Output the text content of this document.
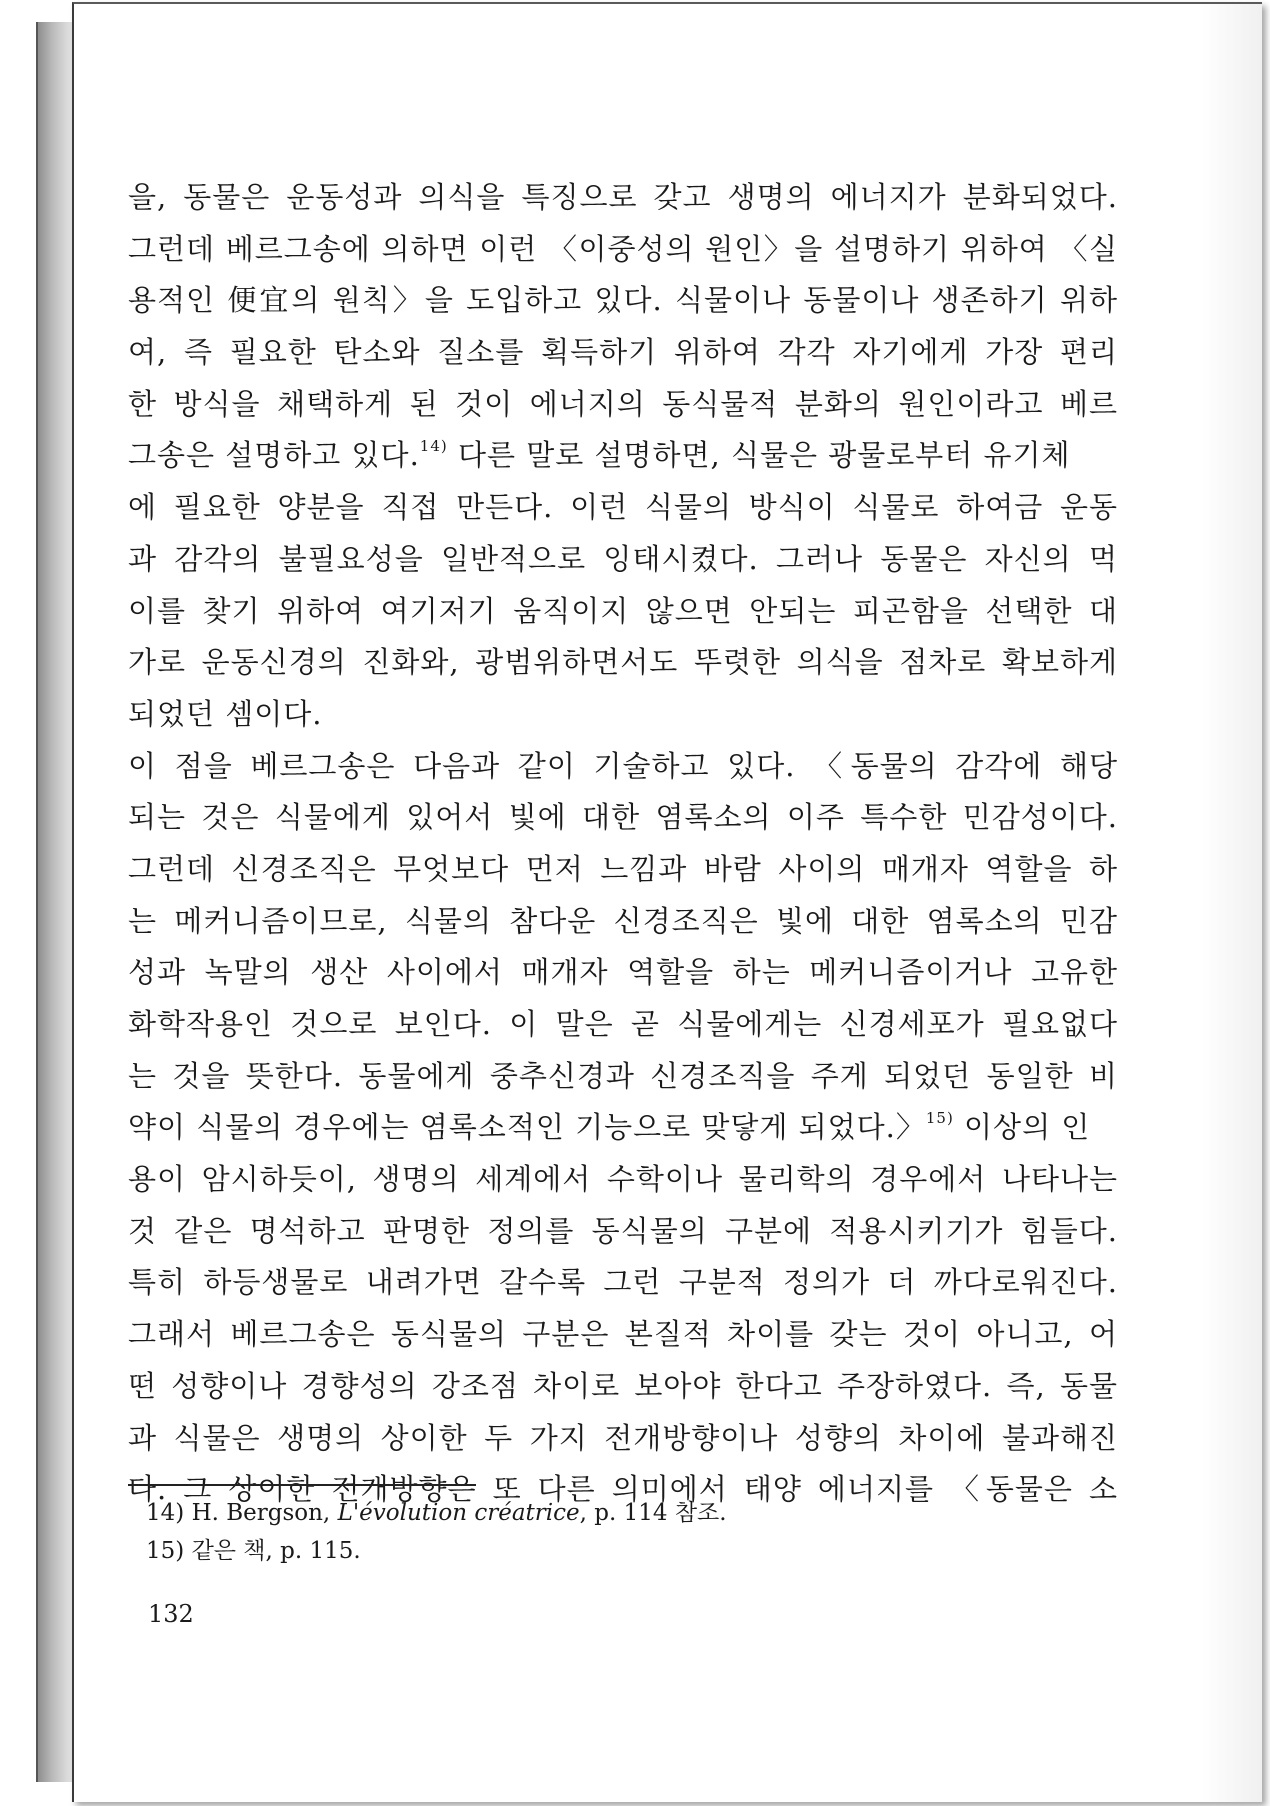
을, 동물은 운동성과 의식을 특징으로 갖고 생명의 에너지가 분화되었다.
그런데 베르그송에 의하면 이런 〈이중성의 원인〉을 설명하기 위하여 〈실
용적인 便宜의 원칙〉을 도입하고 있다. 식물이나 동물이나 생존하기 위하
여, 즉 필요한 탄소와 질소를 획득하기 위하여 각각 자기에게 가장 편리
한 방식을 채택하게 된 것이 에너지의 동식물적 분화의 원인이라고 베르
그송은 설명하고 있다.$^{14)}$ 다른 말로 설명하면, 식물은 광물로부터 유기체
에 필요한 양분을 직접 만든다. 이런 식물의 방식이 식물로 하여금 운동
과 감각의 불필요성을 일반적으로 잉태시켰다. 그러나 동물은 자신의 먹
이를 찾기 위하여 여기저기 움직이지 않으면 안되는 피곤함을 선택한 대
가로 운동신경의 진화와, 광범위하면서도 뚜렷한 의식을 점차로 확보하게
되었던 셈이다.
이 점을 베르그송은 다음과 같이 기술하고 있다. 〈동물의 감각에 해당
되는 것은 식물에게 있어서 빛에 대한 염록소의 이주 특수한 민감성이다.
그런데 신경조직은 무엇보다 먼저 느낌과 바람 사이의 매개자 역할을 하
는 메커니즘이므로, 식물의 참다운 신경조직은 빛에 대한 염록소의 민감
성과 녹말의 생산 사이에서 매개자 역할을 하는 메커니즘이거나 고유한
화학작용인 것으로 보인다. 이 말은 곧 식물에게는 신경세포가 필요없다
는 것을 뜻한다. 동물에게 중추신경과 신경조직을 주게 되었던 동일한 비
약이 식물의 경우에는 염록소적인 기능으로 맞닿게 되었다.〉$^{15)}$ 이상의 인
용이 암시하듯이, 생명의 세계에서 수학이나 물리학의 경우에서 나타나는
것 같은 명석하고 판명한 정의를 동식물의 구분에 적용시키기가 힘들다.
특히 하등생물로 내려가면 갈수록 그런 구분적 정의가 더 까다로워진다.
그래서 베르그송은 동식물의 구분은 본질적 차이를 갖는 것이 아니고, 어
떤 성향이나 경향성의 강조점 차이로 보아야 한다고 주장하였다. 즉, 동물
과 식물은 생명의 상이한 두 가지 전개방향이나 성향의 차이에 불과해진
다. 그 상이한 전개방향은 또 다른 의미에서 태양 에너지를 〈동물은 소
14) H. Bergson, L'évolution créatrice, p. 114 참조.
15) 같은 책, p. 115.
132
